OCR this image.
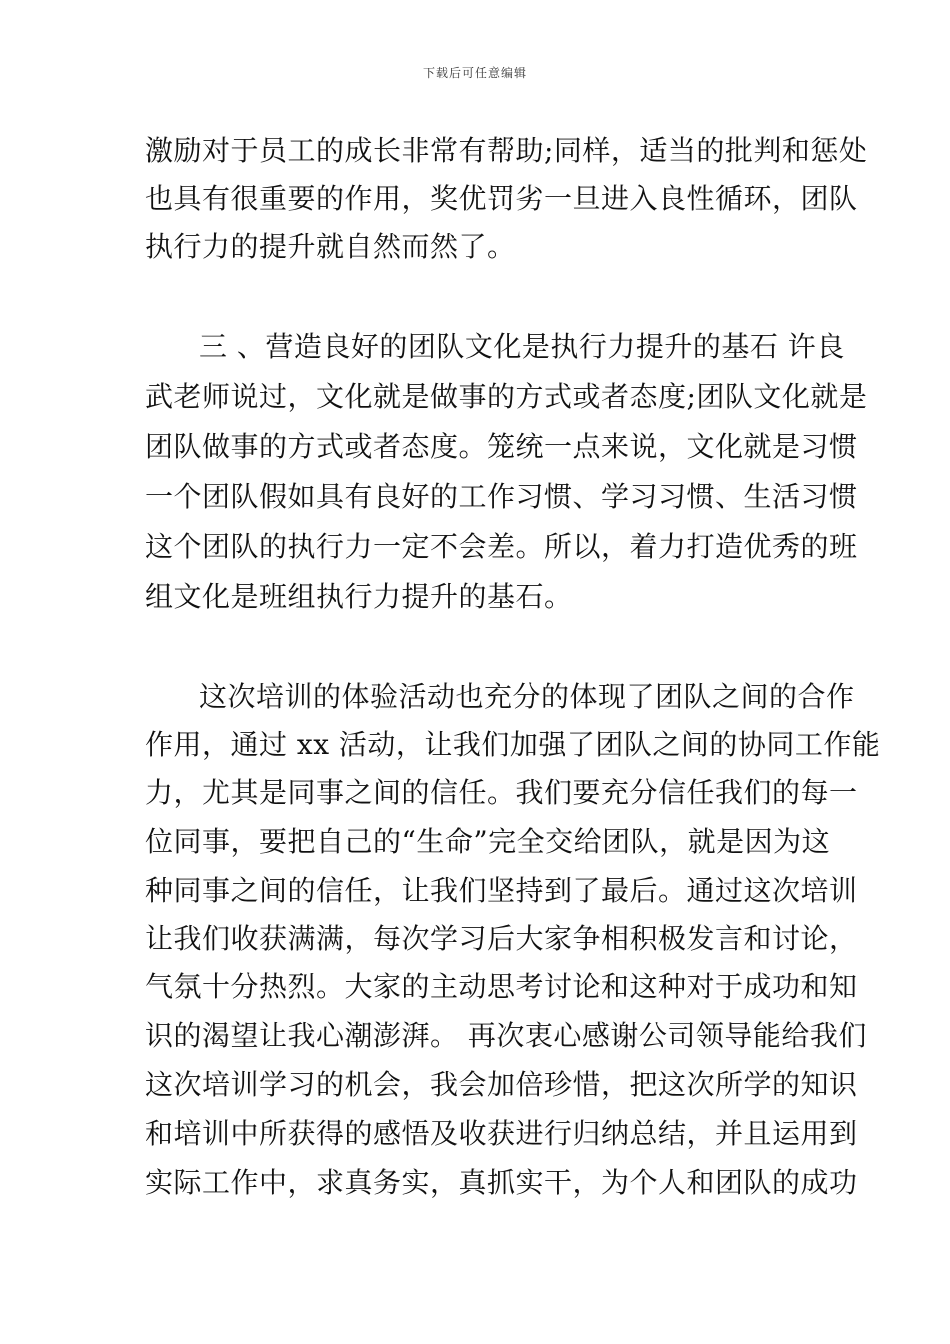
下载后可任意编辑
激励对于员工的成长非常有帮助;同样，适当的批判和惩处
也具有很重要的作用，奖优罚劣一旦进入良性循环，团队
执行力的提升就自然而然了。
三 、营造良好的团队文化是执行力提升的基石 许良
武老师说过，文化就是做事的方式或者态度;团队文化就是
团队做事的方式或者态度。笼统一点来说，文化就是习惯
一个团队假如具有良好的工作习惯、学习习惯、生活习惯
这个团队的执行力一定不会差。所以，着力打造优秀的班
组文化是班组执行力提升的基石。
这次培训的体验活动也充分的体现了团队之间的合作
作用，通过 xx 活动，让我们加强了团队之间的协同工作能
力，尤其是同事之间的信任。我们要充分信任我们的每一
位同事，要把自己的“生命”完全交给团队，就是因为这
种同事之间的信任，让我们坚持到了最后。通过这次培训
让我们收获满满，每次学习后大家争相积极发言和讨论，
气氛十分热烈。大家的主动思考讨论和这种对于成功和知
识的渴望让我心潮澎湃。 再次衷心感谢公司领导能给我们
这次培训学习的机会，我会加倍珍惜，把这次所学的知识
和培训中所获得的感悟及收获进行归纳总结，并且运用到
实际工作中，求真务实，真抓实干，为个人和团队的成功
